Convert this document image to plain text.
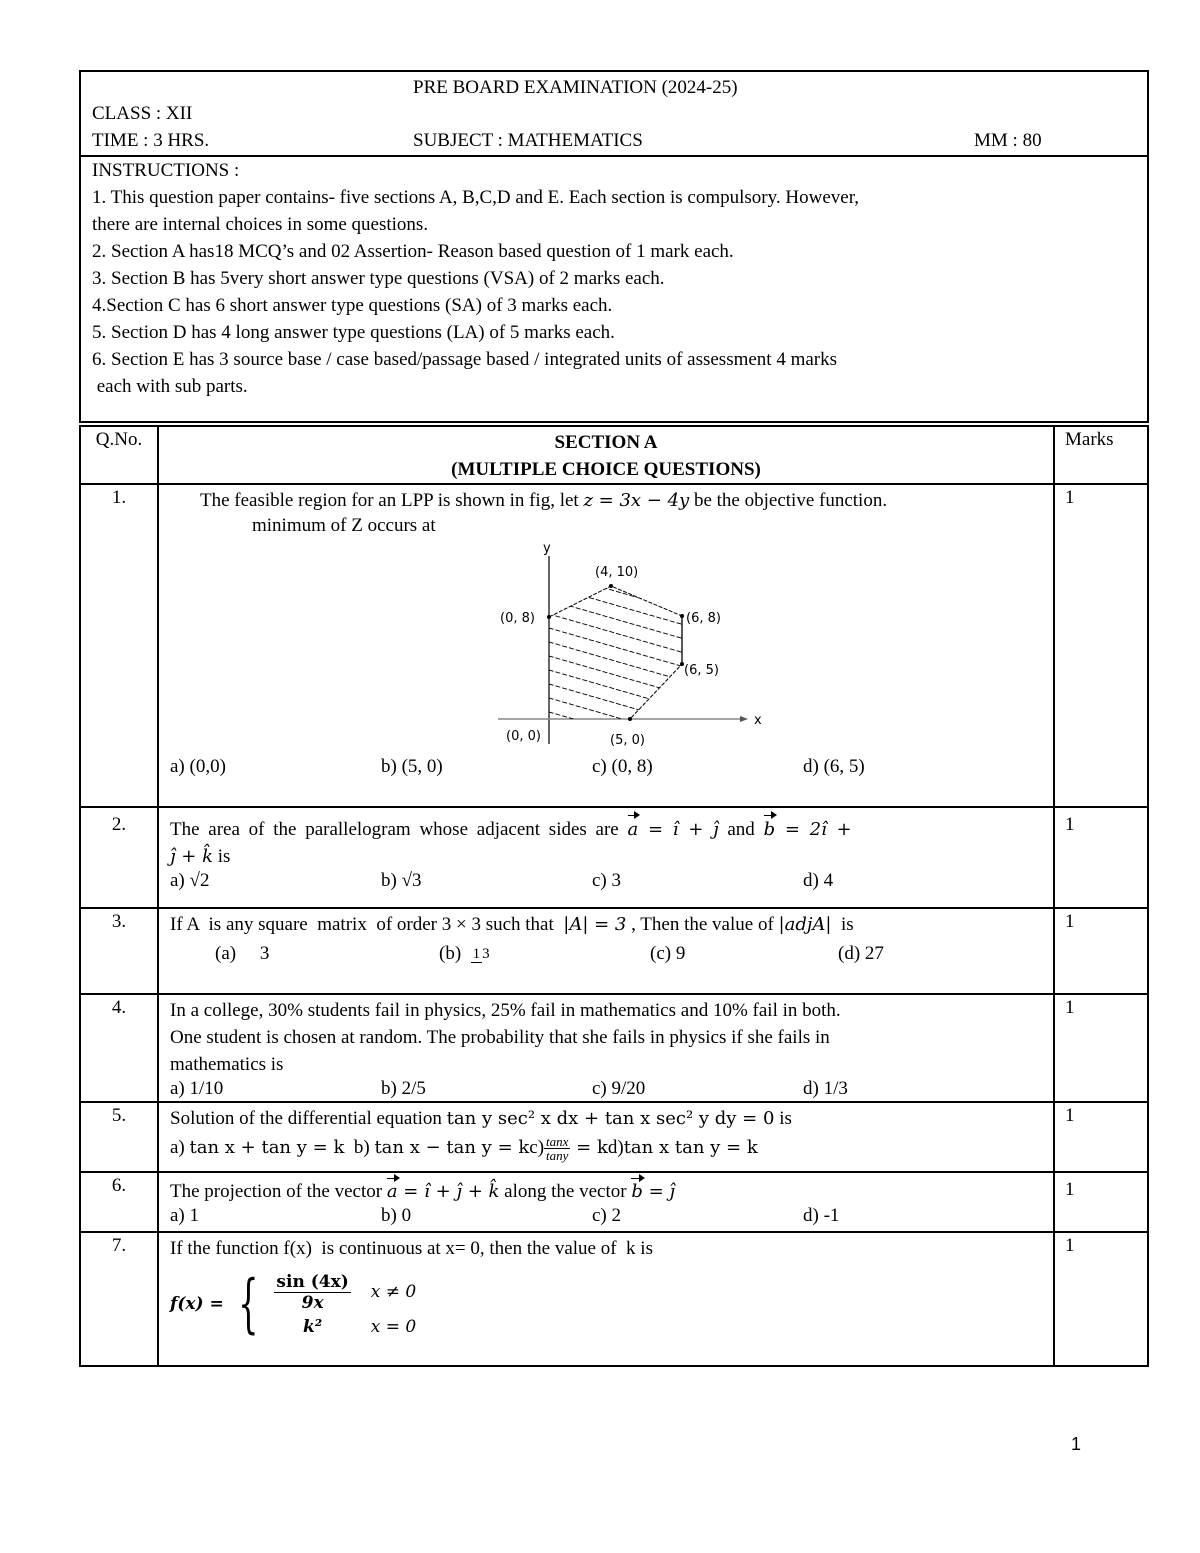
PRE BOARD EXAMINATION (2024-25)
CLASS : XII
TIME : 3 HRS.	SUBJECT : MATHEMATICS	MM : 80
INSTRUCTIONS :
1. This question paper contains- five sections A, B,C,D and E. Each section is compulsory. However,
there are internal choices in some questions.
2. Section A has18 MCQ’s and 02 Assertion- Reason based question of 1 mark each.
3. Section B has 5very short answer type questions (VSA) of 2 marks each.
4.Section C has 6 short answer type questions (SA) of 3 marks each.
5. Section D has 4 long answer type questions (LA) of 5 marks each.
6. Section E has 3 source base / case based/passage based / integrated units of assessment 4 marks
each with sub parts.
Q.No.	SECTION A
(MULTIPLE CHOICE QUESTIONS)	Marks
1.	The feasible region for an LPP is shown in fig, let z = 3x − 4y be the objective function.
minimum of Z occurs at
y
x
(4, 10)
(0, 8)	(6, 8)
(6, 5)
(0, 0)	(5, 0)
a) (0,0)	b) (5, 0)	c) (0, 8)	d) (6, 5)
	1
2.	The area of the parallelogram whose adjacent sides are a = î + ĵ and b = 2î +
ĵ + k̂ is
a) √2	b) √3	c) 3	d) 4
	1
3.	If A  is any square  matrix  of order 3 × 3 such that  |A| = 3 , Then the value of |adjA|  is
(a)     3 (b) 1 3 (c) 9 (d) 27	1
4.	In a college, 30% students fail in physics, 25% fail in mathematics and 10% fail in both.
One student is chosen at random. The probability that she fails in physics if she fails in
mathematics is
a) 1/10	b) 2/5	c) 9/20	d) 1/3
	1
5.	Solution of the differential equation tan y sec² x dx + tan x sec² y dy = 0 is
a) tan x + tan y = k  b) $\tan x - \tan y = kc) \frac{\tan x}{\tan y} = kd)\tan$ x tan y = k	1
6.	The projection of the vector a = î + ĵ + k̂ along the vector b = ĵ
a) 1 b) 0 c) 2 d) -1	1
7.	If the function f(x)  is continuous at x= 0, then the value of  k is
f(x) = { $\frac{\sin (4x)}{9x}$ x ≠ 0
k²	x = 0
	1
1
